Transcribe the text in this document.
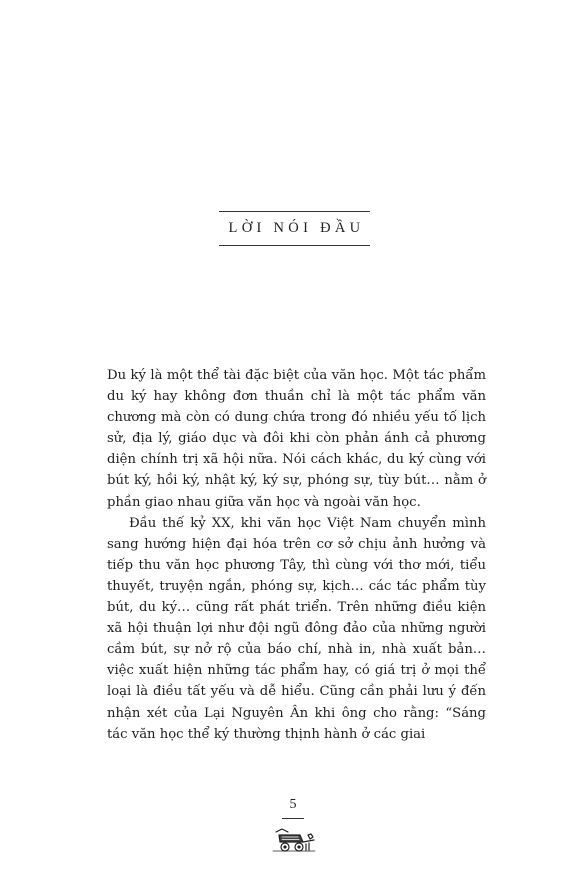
LỜI NÓI ĐẦU

Du ký là một thể tài đặc biệt của văn học. Một tác phẩm du ký hay không đơn thuần chỉ là một tác phẩm văn chương mà còn có dung chứa trong đó nhiều yếu tố lịch sử, địa lý, giáo dục và đôi khi còn phản ánh cả phương diện chính trị xã hội nữa. Nói cách khác, du ký cùng với bút ký, hồi ký, nhật ký, ký sự, phóng sự, tùy bút… nằm ở phần giao nhau giữa văn học và ngoài văn học.

Đầu thế kỷ XX, khi văn học Việt Nam chuyển mình sang hướng hiện đại hóa trên cơ sở chịu ảnh hưởng và tiếp thu văn học phương Tây, thì cùng với thơ mới, tiểu thuyết, truyện ngắn, phóng sự, kịch… các tác phẩm tùy bút, du ký… cũng rất phát triển. Trên những điều kiện xã hội thuận lợi như đội ngũ đông đảo của những người cầm bút, sự nở rộ của báo chí, nhà in, nhà xuất bản… việc xuất hiện những tác phẩm hay, có giá trị ở mọi thể loại là điều tất yếu và dễ hiểu. Cũng cần phải lưu ý đến nhận xét của Lại Nguyên Ân khi ông cho rằng: “Sáng tác văn học thể ký thường thịnh hành ở các giai

5
